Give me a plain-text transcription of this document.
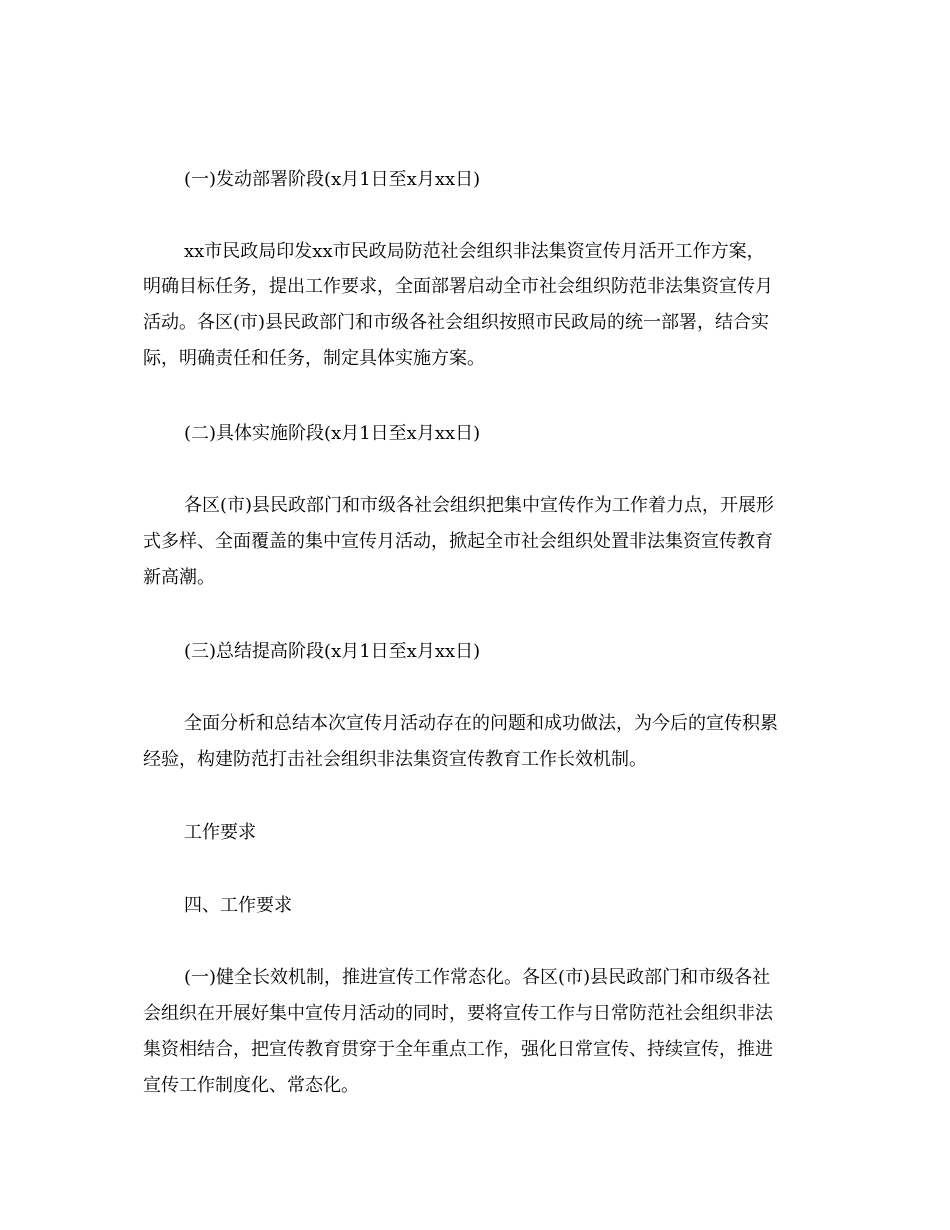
(一)发动部署阶段(x月1日至x月xx日)
xx市民政局印发xx市民政局防范社会组织非法集资宣传月活开工作方案，
明确目标任务，提出工作要求，全面部署启动全市社会组织防范非法集资宣传月
活动。各区(市)县民政部门和市级各社会组织按照市民政局的统一部署，结合实
际，明确责任和任务，制定具体实施方案。
(二)具体实施阶段(x月1日至x月xx日)
各区(市)县民政部门和市级各社会组织把集中宣传作为工作着力点，开展形
式多样、全面覆盖的集中宣传月活动，掀起全市社会组织处置非法集资宣传教育
新高潮。
(三)总结提高阶段(x月1日至x月xx日)
全面分析和总结本次宣传月活动存在的问题和成功做法，为今后的宣传积累
经验，构建防范打击社会组织非法集资宣传教育工作长效机制。
工作要求
四、工作要求
(一)健全长效机制，推进宣传工作常态化。各区(市)县民政部门和市级各社
会组织在开展好集中宣传月活动的同时，要将宣传工作与日常防范社会组织非法
集资相结合，把宣传教育贯穿于全年重点工作，强化日常宣传、持续宣传，推进
宣传工作制度化、常态化。
